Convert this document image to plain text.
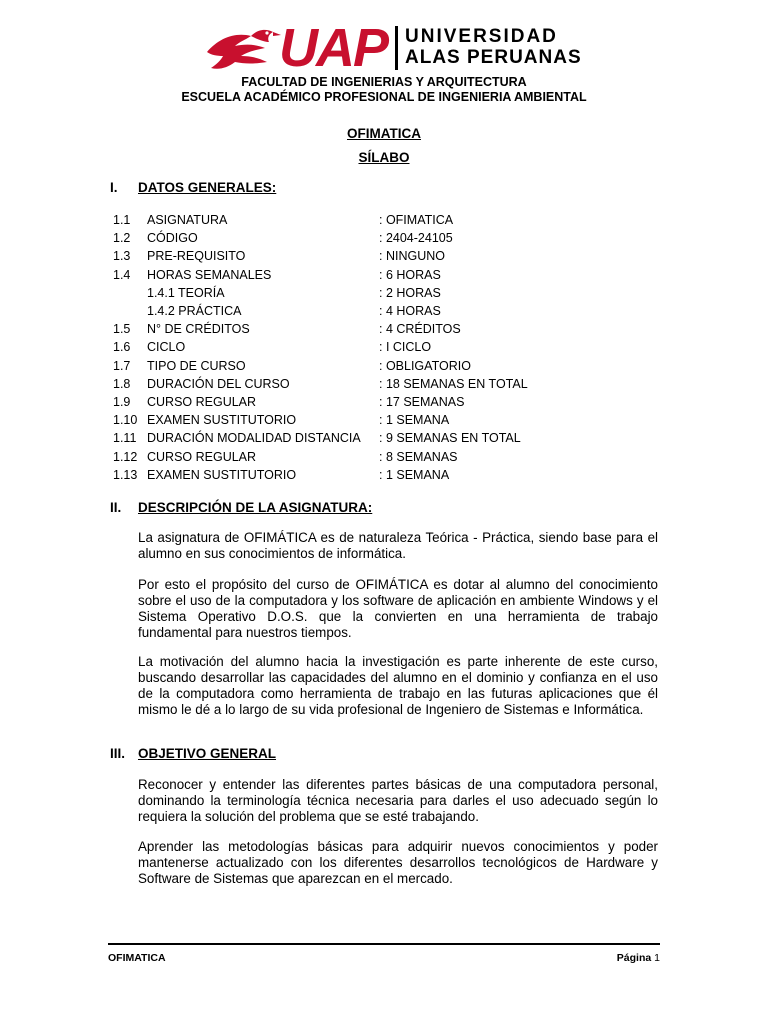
UAP UNIVERSIDAD
ALAS PERUANAS
FACULTAD DE INGENIERIAS Y ARQUITECTURA
ESCUELA ACADÉMICO PROFESIONAL DE INGENIERIA AMBIENTAL
OFIMATICA
SÍLABO
I. DATOS GENERALES:
1.1 ASIGNATURA	: OFIMATICA
1.2 CÓDIGO	: 2404-24105
1.3 PRE-REQUISITO	: NINGUNO
1.4 HORAS SEMANALES	: 6 HORAS
1.4.1 TEORÍA	: 2 HORAS
1.4.2 PRÁCTICA	: 4 HORAS
1.5 N° DE CRÉDITOS	: 4 CRÉDITOS
1.6 CICLO	: I CICLO
1.7 TIPO DE CURSO	: OBLIGATORIO
1.8 DURACIÓN DEL CURSO	: 18 SEMANAS EN TOTAL
1.9 CURSO REGULAR	: 17 SEMANAS
1.10 EXAMEN SUSTITUTORIO	: 1 SEMANA
1.11 DURACIÓN MODALIDAD DISTANCIA : 9 SEMANAS EN TOTAL
1.12 CURSO REGULAR	: 8 SEMANAS
1.13 EXAMEN SUSTITUTORIO	: 1 SEMANA
II. DESCRIPCIÓN DE LA ASIGNATURA:
La asignatura de OFIMÁTICA es de naturaleza Teórica - Práctica, siendo base para el alumno en sus conocimientos de informática.
Por esto el propósito del curso de OFIMÁTICA es dotar al alumno del conocimiento sobre el uso de la computadora y los software de aplicación en ambiente Windows y el Sistema Operativo D.O.S. que la convierten en una herramienta de trabajo fundamental para nuestros tiempos.
La motivación del alumno hacia la investigación es parte inherente de este curso, buscando desarrollar las capacidades del alumno en el dominio y confianza en el uso de la computadora como herramienta de trabajo en las futuras aplicaciones que él mismo le dé a lo largo de su vida profesional de Ingeniero de Sistemas e Informática.
III. OBJETIVO GENERAL
Reconocer y entender las diferentes partes básicas de una computadora personal, dominando la terminología técnica necesaria para darles el uso adecuado según lo requiera la solución del problema que se esté trabajando.
Aprender las metodologías básicas para adquirir nuevos conocimientos y poder mantenerse actualizado con los diferentes desarrollos tecnológicos de Hardware y Software de Sistemas que aparezcan en el mercado.
OFIMATICA	Página 1
